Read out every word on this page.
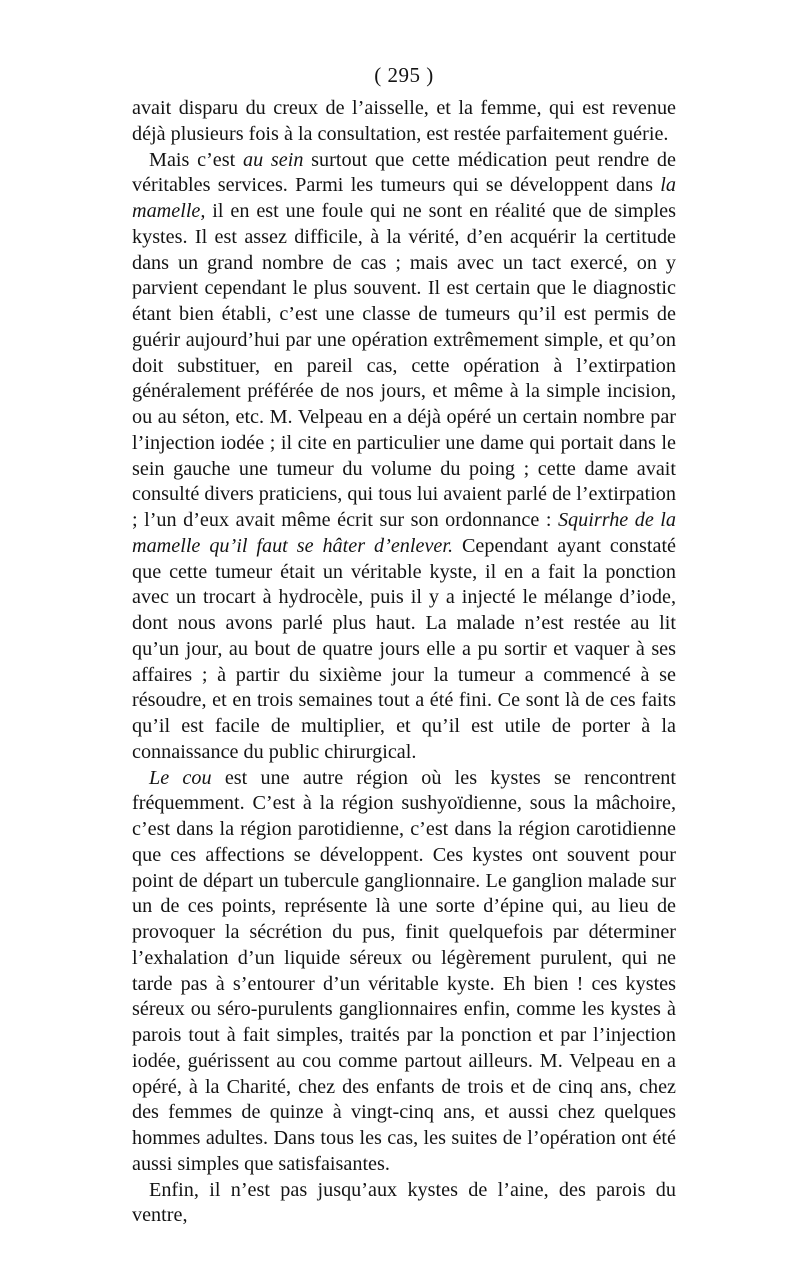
( 295 )

avait disparu du creux de l’aisselle, et la femme, qui est revenue déjà plusieurs fois à la consultation, est restée parfaitement guérie.

Mais c’est au sein surtout que cette médication peut rendre de véritables services. Parmi les tumeurs qui se développent dans la mamelle, il en est une foule qui ne sont en réalité que de simples kystes. Il est assez difficile, à la vérité, d’en acquérir la certitude dans un grand nombre de cas ; mais avec un tact exercé, on y parvient cependant le plus souvent. Il est certain que le diagnostic étant bien établi, c’est une classe de tumeurs qu’il est permis de guérir aujourd’hui par une opération extrêmement simple, et qu’on doit substituer, en pareil cas, cette opération à l’extirpation généralement préférée de nos jours, et même à la simple incision, ou au séton, etc. M. Velpeau en a déjà opéré un certain nombre par l’injection iodée ; il cite en particulier une dame qui portait dans le sein gauche une tumeur du volume du poing ; cette dame avait consulté divers praticiens, qui tous lui avaient parlé de l’extirpation ; l’un d’eux avait même écrit sur son ordonnance : Squirrhe de la mamelle qu’il faut se hâter d’enlever. Cependant ayant constaté que cette tumeur était un véritable kyste, il en a fait la ponction avec un trocart à hydrocèle, puis il y a injecté le mélange d’iode, dont nous avons parlé plus haut. La malade n’est restée au lit qu’un jour, au bout de quatre jours elle a pu sortir et vaquer à ses affaires ; à partir du sixième jour la tumeur a commencé à se résoudre, et en trois semaines tout a été fini. Ce sont là de ces faits qu’il est facile de multiplier, et qu’il est utile de porter à la connaissance du public chirurgical.

Le cou est une autre région où les kystes se rencontrent fréquemment. C’est à la région sushyoïdienne, sous la mâchoire, c’est dans la région parotidienne, c’est dans la région carotidienne que ces affections se développent. Ces kystes ont souvent pour point de départ un tubercule ganglionnaire. Le ganglion malade sur un de ces points, représente là une sorte d’épine qui, au lieu de provoquer la sécrétion du pus, finit quelquefois par déterminer l’exhalation d’un liquide séreux ou légèrement purulent, qui ne tarde pas à s’entourer d’un véritable kyste. Eh bien ! ces kystes séreux ou séro-purulents ganglionnaires enfin, comme les kystes à parois tout à fait simples, traités par la ponction et par l’injection iodée, guérissent au cou comme partout ailleurs. M. Velpeau en a opéré, à la Charité, chez des enfants de trois et de cinq ans, chez des femmes de quinze à vingt-cinq ans, et aussi chez quelques hommes adultes. Dans tous les cas, les suites de l’opération ont été aussi simples que satisfaisantes.

Enfin, il n’est pas jusqu’aux kystes de l’aine, des parois du ventre,
